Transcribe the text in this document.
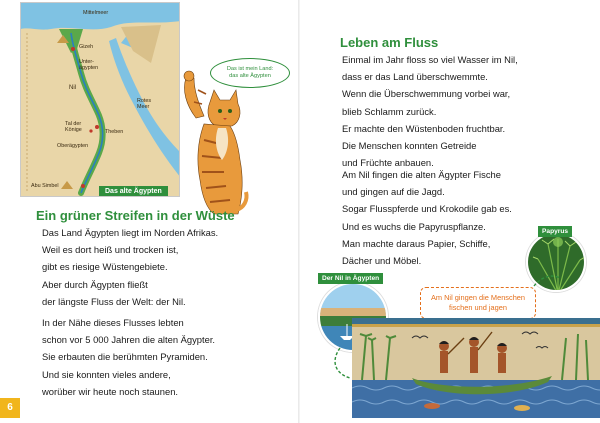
Mittelmeer
Gizeh
Unter-
ägypten
Nil
Rotes
Meer
Tal der Könige	Theben
Oberägypten
Abu Simbel
Das alte Ägypten
Das ist mein Land:
das alte Ägypten
Ein grüner Streifen in der Wüste
Das Land Ägypten liegt im Norden Afrikas.
Weil es dort heiß und trocken ist,
gibt es riesige Wüstengebiete.
Aber durch Ägypten fließt
der längste Fluss der Welt: der Nil.
In der Nähe dieses Flusses lebten
schon vor 5 000 Jahren die alten Ägypter.
Sie erbauten die berühmten Pyramiden.
Und sie konnten vieles andere,
worüber wir heute noch staunen.
6
Leben am Fluss
Einmal im Jahr floss so viel Wasser im Nil,
dass er das Land überschwemmte.
Wenn die Überschwemmung vorbei war,
blieb Schlamm zurück.
Er machte den Wüstenboden fruchtbar.
Die Menschen konnten Getreide
und Früchte anbauen.
Am Nil fingen die alten Ägypter Fische
und gingen auf die Jagd.
Sogar Flusspferde und Krokodile gab es.
Und es wuchs die Papyruspflanze.
Man machte daraus Papier, Schiffe,
Dächer und Möbel.
Papyrus
Der Nil in Ägypten
Am Nil gingen die Menschen
fischen und jagen
